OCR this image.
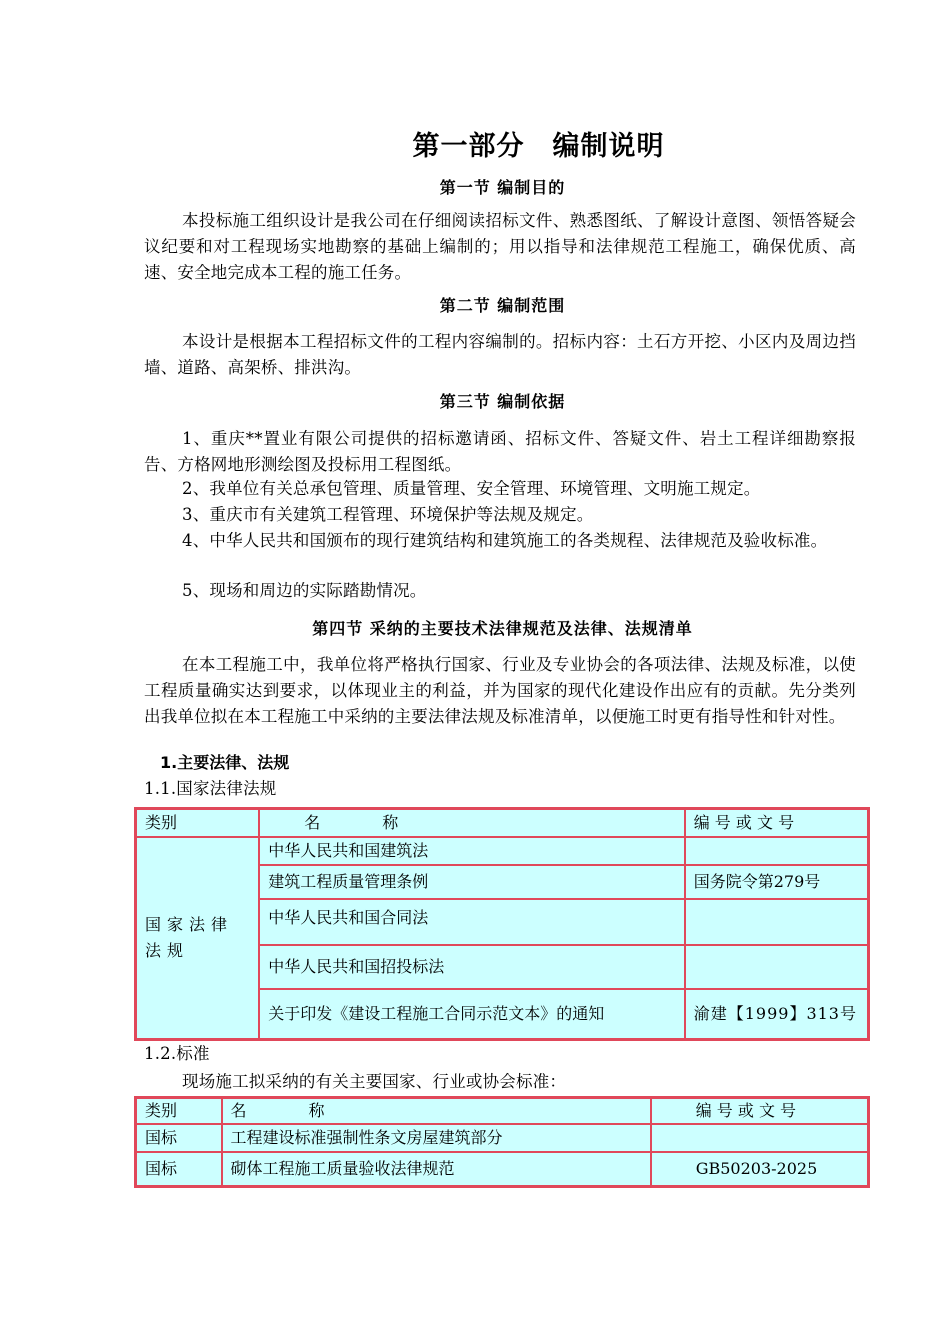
第一部分　编制说明
第一节 编制目的

本投标施工组织设计是我公司在仔细阅读招标文件、熟悉图纸、了解设计意图、领悟答疑会议纪要和对工程现场实地勘察的基础上编制的；用以指导和法律规范工程施工，确保优质、高速、安全地完成本工程的施工任务。

第二节 编制范围

本设计是根据本工程招标文件的工程内容编制的。招标内容：土石方开挖、小区内及周边挡墙、道路、高架桥、排洪沟。

第三节 编制依据

1、重庆**置业有限公司提供的招标邀请函、招标文件、答疑文件、岩土工程详细勘察报告、方格网地形测绘图及投标用工程图纸。

2、我单位有关总承包管理、质量管理、安全管理、环境管理、文明施工规定。

3、重庆市有关建筑工程管理、环境保护等法规及规定。

4、中华人民共和国颁布的现行建筑结构和建筑施工的各类规程、法律规范及验收标准。

5、现场和周边的实际踏勘情况。

第四节 采纳的主要技术法律规范及法律、法规清单

在本工程施工中，我单位将严格执行国家、行业及专业协会的各项法律、法规及标准，以使工程质量确实达到要求，以体现业主的利益，并为国家的现代化建设作出应有的贡献。先分类列出我单位拟在本工程施工中采纳的主要法律法规及标准清单，以便施工时更有指导性和针对性。

1.主要法律、法规
1.1.国家法律法规
类别	名　　称	编 号 或 文 号
国家法律法规	中华人民共和国建筑法	
	建筑工程质量管理条例	国务院令第279号
	中华人民共和国合同法	
	中华人民共和国招投标法	
	关于印发《建设工程施工合同示范文本》的通知	渝建【1999】313号
1.2.标准
现场施工拟采纳的有关主要国家、行业或协会标准：
类别	名　　称	编 号 或 文 号
国标	工程建设标准强制性条文房屋建筑部分	
国标	砌体工程施工质量验收法律规范	GB50203-2025
